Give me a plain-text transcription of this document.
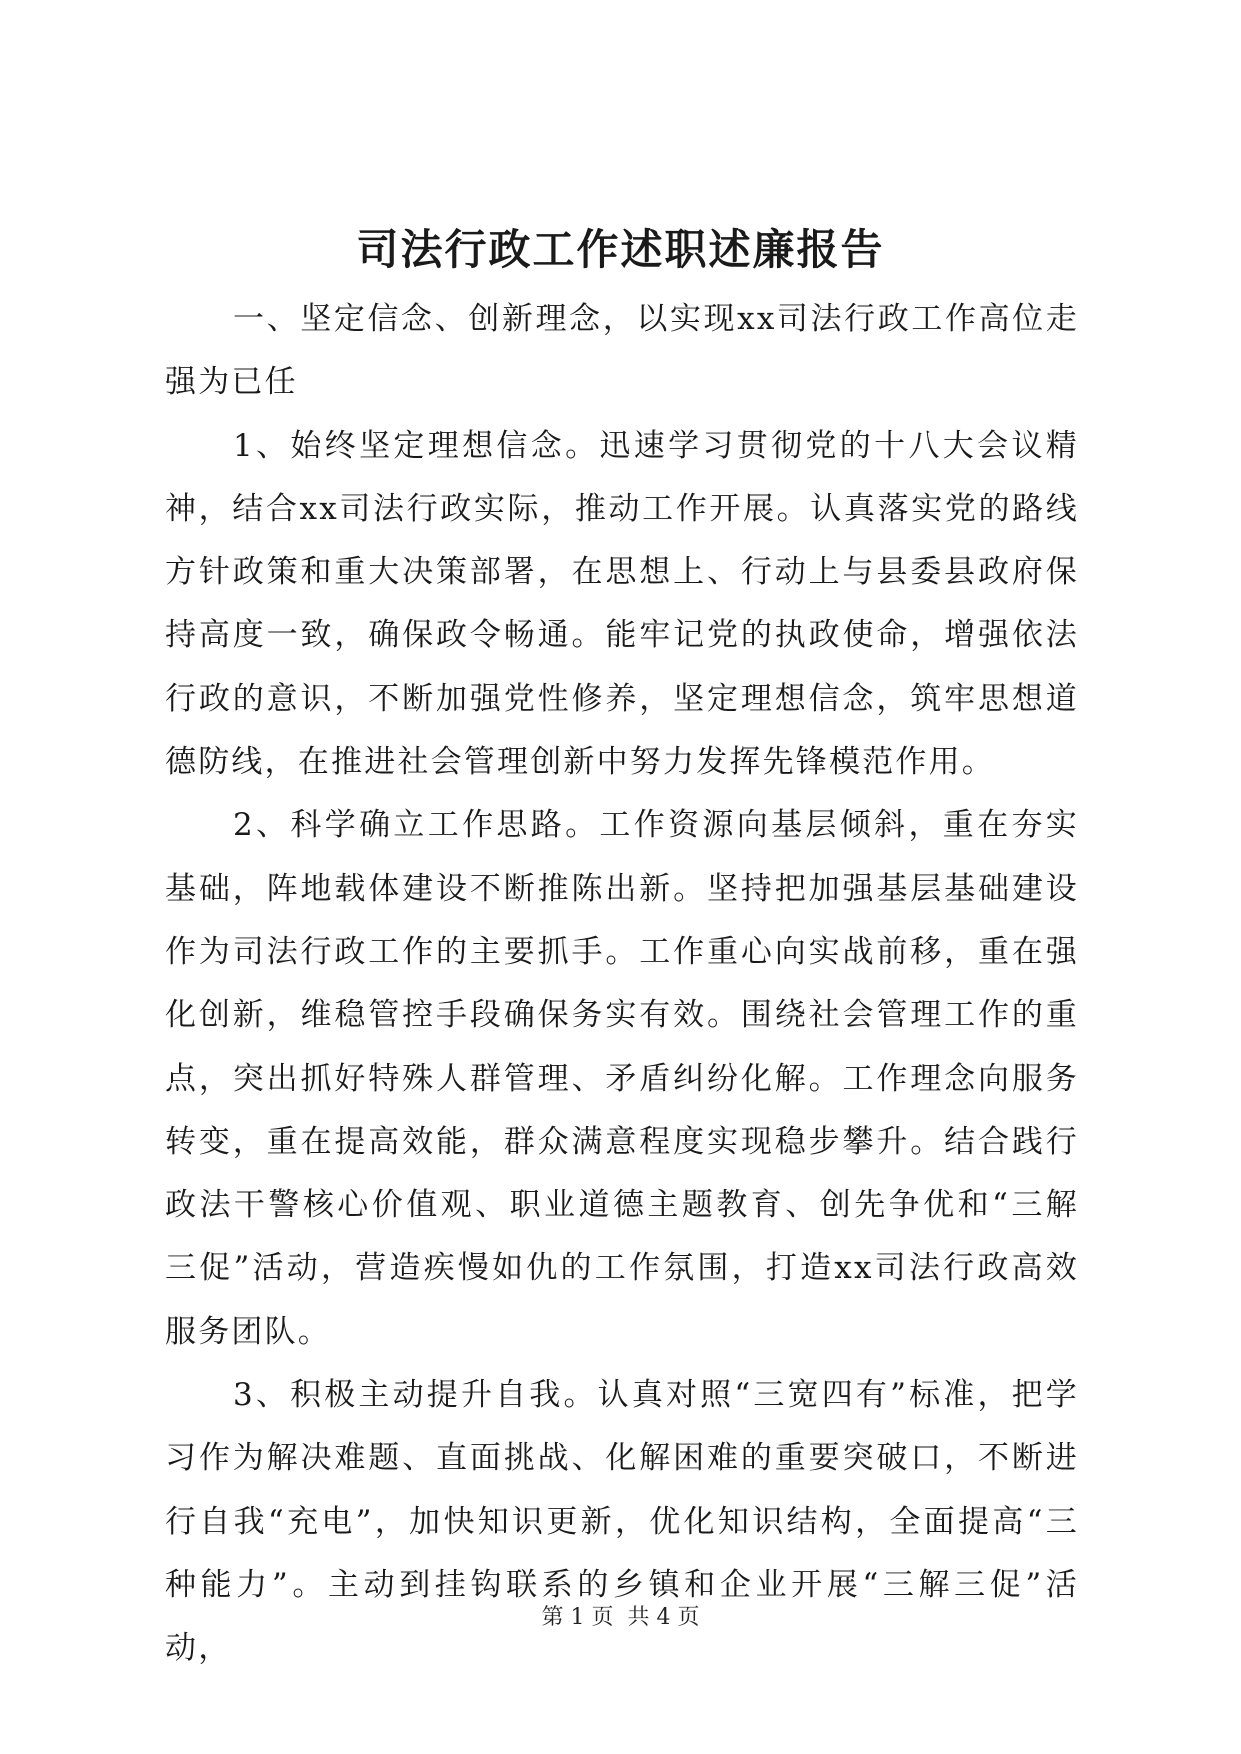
司法行政工作述职述廉报告

一、坚定信念、创新理念，以实现xx司法行政工作高位走强为已任

1、始终坚定理想信念。迅速学习贯彻党的十八大会议精神，结合xx司法行政实际，推动工作开展。认真落实党的路线方针政策和重大决策部署，在思想上、行动上与县委县政府保持高度一致，确保政令畅通。能牢记党的执政使命，增强依法行政的意识，不断加强党性修养，坚定理想信念，筑牢思想道德防线，在推进社会管理创新中努力发挥先锋模范作用。

2、科学确立工作思路。工作资源向基层倾斜，重在夯实基础，阵地载体建设不断推陈出新。坚持把加强基层基础建设作为司法行政工作的主要抓手。工作重心向实战前移，重在强化创新，维稳管控手段确保务实有效。围绕社会管理工作的重点，突出抓好特殊人群管理、矛盾纠纷化解。工作理念向服务转变，重在提高效能，群众满意程度实现稳步攀升。结合践行政法干警核心价值观、职业道德主题教育、创先争优和“三解三促”活动，营造疾慢如仇的工作氛围，打造xx司法行政高效服务团队。

3、积极主动提升自我。认真对照“三宽四有”标准，把学习作为解决难题、直面挑战、化解困难的重要突破口，不断进行自我“充电”，加快知识更新，优化知识结构，全面提高“三种能力”。主动到挂钩联系的乡镇和企业开展“三解三促”活动，

第 1 页 共 4 页
